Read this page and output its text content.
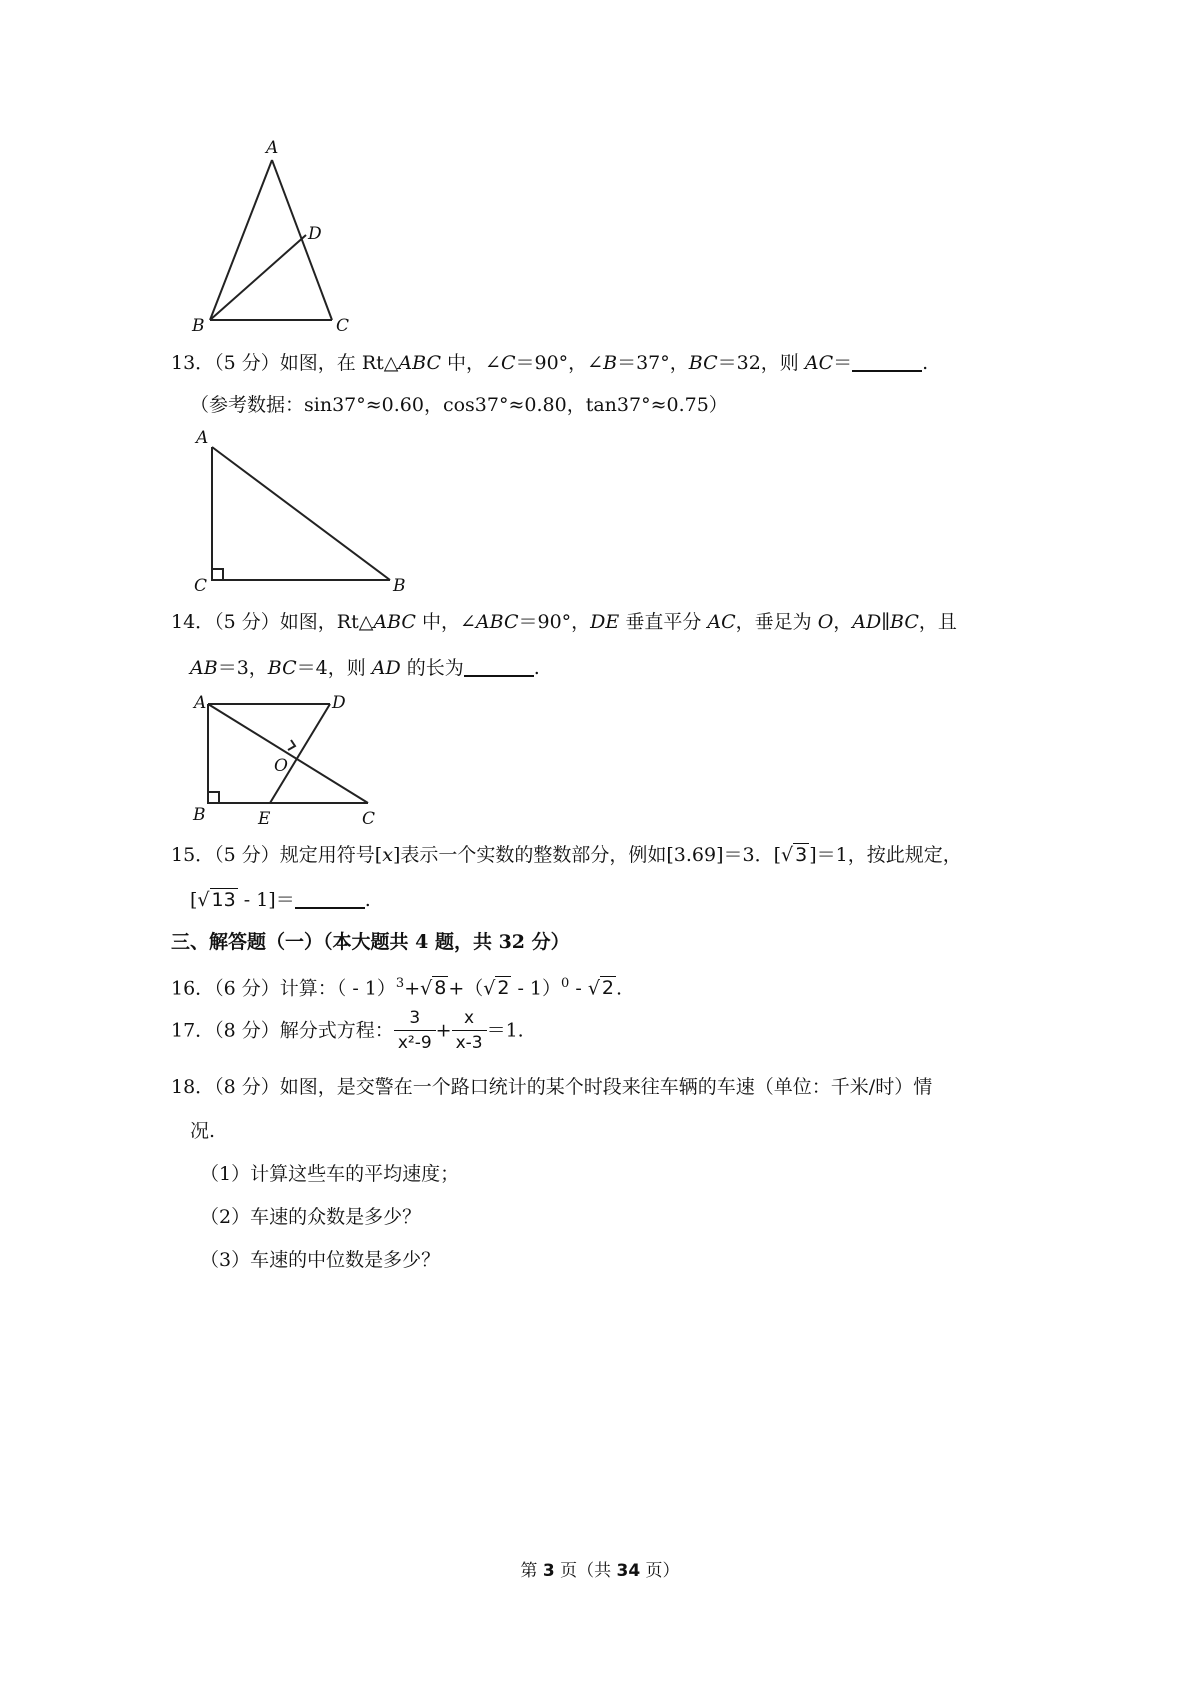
A
D
B	C
13．（5 分）如图，在 Rt△ABC 中，∠C＝90°，∠B＝37°，BC＝32，则 AC＝	.
（参考数据：sin37°≈0.60，cos37°≈0.80，tan37°≈0.75）
A
C	B
14．（5 分）如图，Rt△ABC 中，∠ABC＝90°，DE 垂直平分 AC，垂足为 O，AD∥BC，且
AB＝3，BC＝4，则 AD 的长为	.
A	D
O
B	E	C
15．（5 分）规定用符号[x]表示一个实数的整数部分，例如[3.69]＝3．[√ 3 ]＝1，按此规定，
[√ 13 - 1]＝	.
三、解答题（一）（本大题共 4 题，共 32 分）
16．（6 分）计算：（ - 1）$^3$+√ 8 +（√ 2 - 1）$^0$ - √ 2 .
17．（8 分）解分式方程： $\frac{3}{\text{x²-9}} + \frac{x}{x-3} =1$.
18．（8 分）如图，是交警在一个路口统计的某个时段来往车辆的车速（单位：千米/时）情
况.
（1）计算这些车的平均速度；
（2）车速的众数是多少？
（3）车速的中位数是多少？
第 3 页（共 34 页）
